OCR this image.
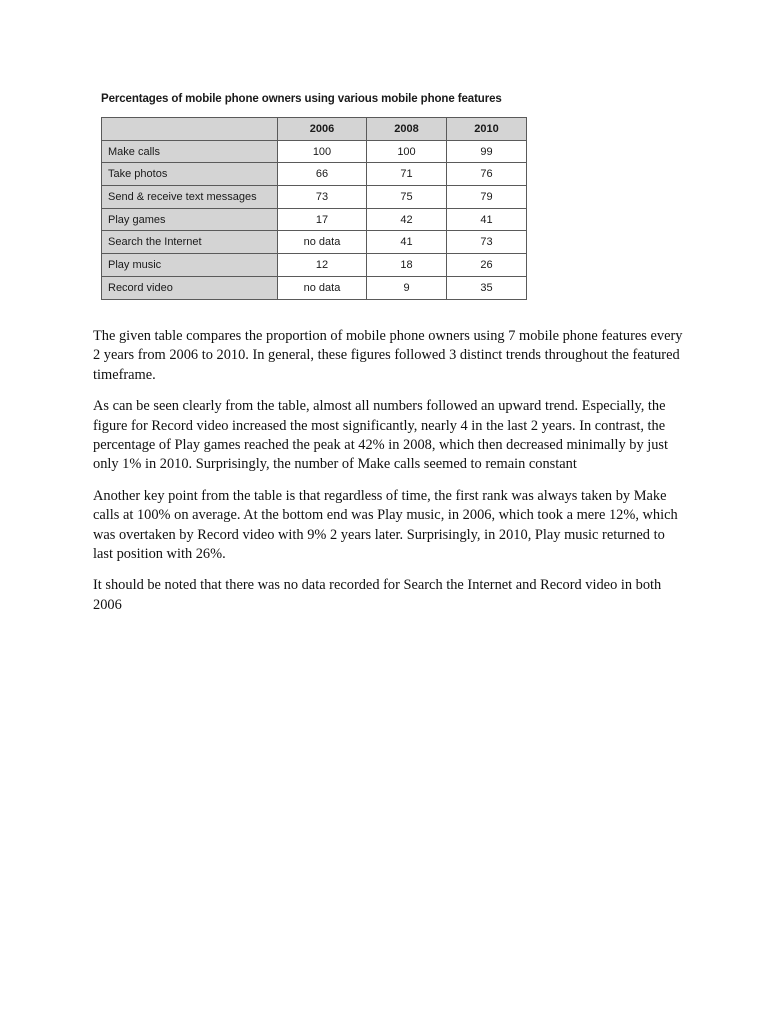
Percentages of mobile phone owners using various mobile phone features
	2006	2008	2010
Make calls	100	100	99
Take photos	66	71	76
Send & receive text messages	73	75	79
Play games	17	42	41
Search the Internet	no data	41	73
Play music	12	18	26
Record video	no data	9	35

The given table compares the proportion of mobile phone owners using 7 mobile phone features every 2 years from 2006 to 2010. In general, these figures followed 3 distinct trends throughout the featured timeframe.

As can be seen clearly from the table, almost all numbers followed an upward trend. Especially, the figure for Record video increased the most significantly, nearly 4 in the last 2 years. In contrast, the percentage of Play games reached the peak at 42% in 2008, which then decreased minimally by just only 1% in 2010. Surprisingly, the number of Make calls seemed to remain constant

Another key point from the table is that regardless of time, the first rank was always taken by Make calls at 100% on average. At the bottom end was Play music, in 2006, which took a mere 12%, which was overtaken by Record video with 9% 2 years later. Surprisingly, in 2010, Play music returned to last position with 26%.

It should be noted that there was no data recorded for Search the Internet and Record video in both 2006
